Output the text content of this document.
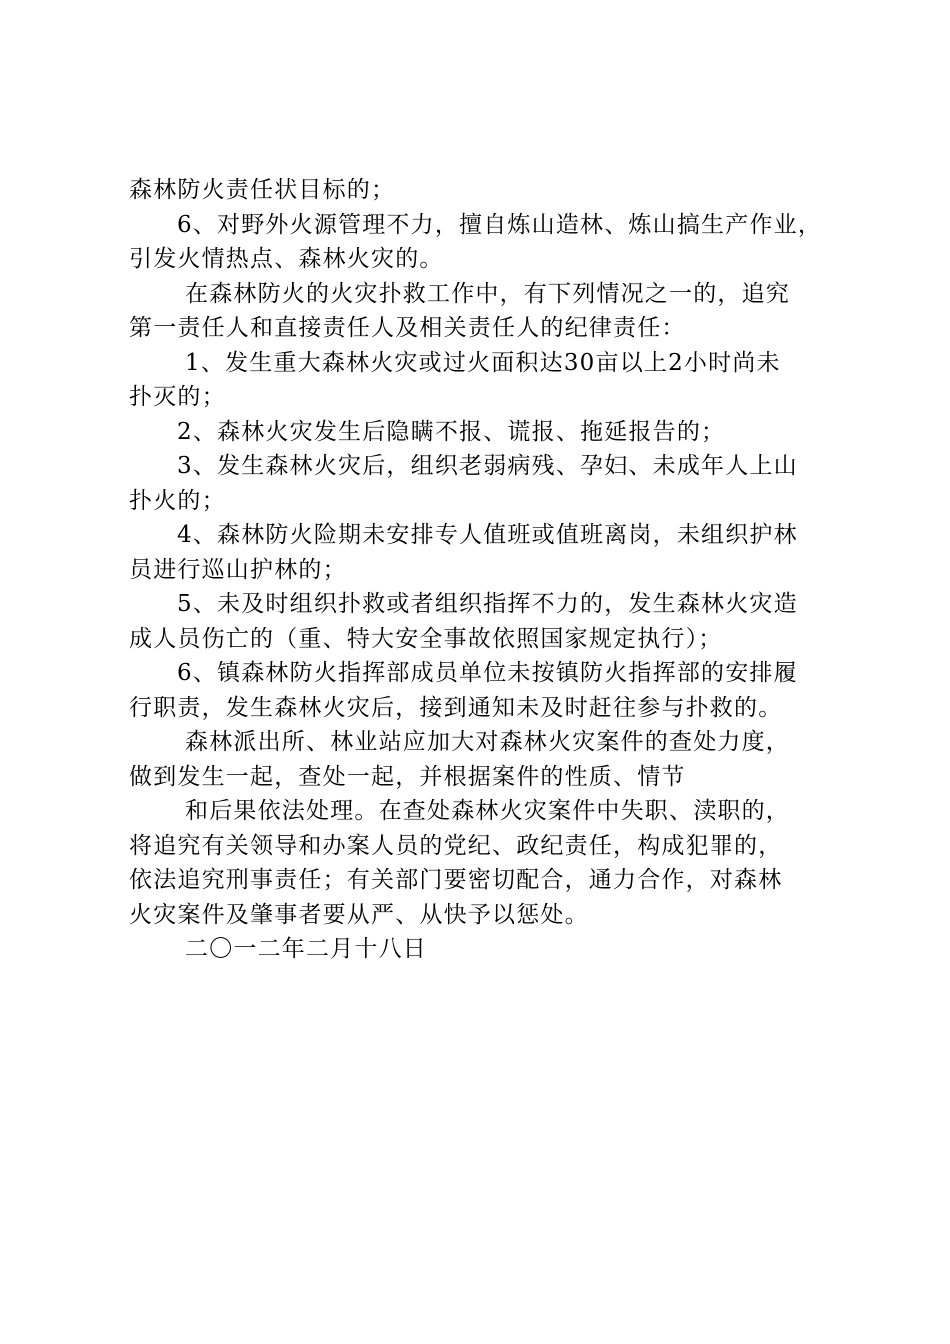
森林防火责任状目标的；
6、对野外火源管理不力，擅自炼山造林、炼山搞生产作业，
引发火情热点、森林火灾的。
在森林防火的火灾扑救工作中，有下列情况之一的，追究
第一责任人和直接责任人及相关责任人的纪律责任：
1、发生重大森林火灾或过火面积达30亩以上2小时尚未
扑灭的；
2、森林火灾发生后隐瞒不报、谎报、拖延报告的；
3、发生森林火灾后，组织老弱病残、孕妇、未成年人上山
扑火的；
4、森林防火险期未安排专人值班或值班离岗，未组织护林
员进行巡山护林的；
5、未及时组织扑救或者组织指挥不力的，发生森林火灾造
成人员伤亡的（重、特大安全事故依照国家规定执行）；
6、镇森林防火指挥部成员单位未按镇防火指挥部的安排履
行职责，发生森林火灾后，接到通知未及时赶往参与扑救的。
森林派出所、林业站应加大对森林火灾案件的查处力度，
做到发生一起，查处一起，并根据案件的性质、情节
和后果依法处理。在查处森林火灾案件中失职、渎职的，
将追究有关领导和办案人员的党纪、政纪责任，构成犯罪的，
依法追究刑事责任；有关部门要密切配合，通力合作，对森林
火灾案件及肇事者要从严、从快予以惩处。
二〇一二年二月十八日
